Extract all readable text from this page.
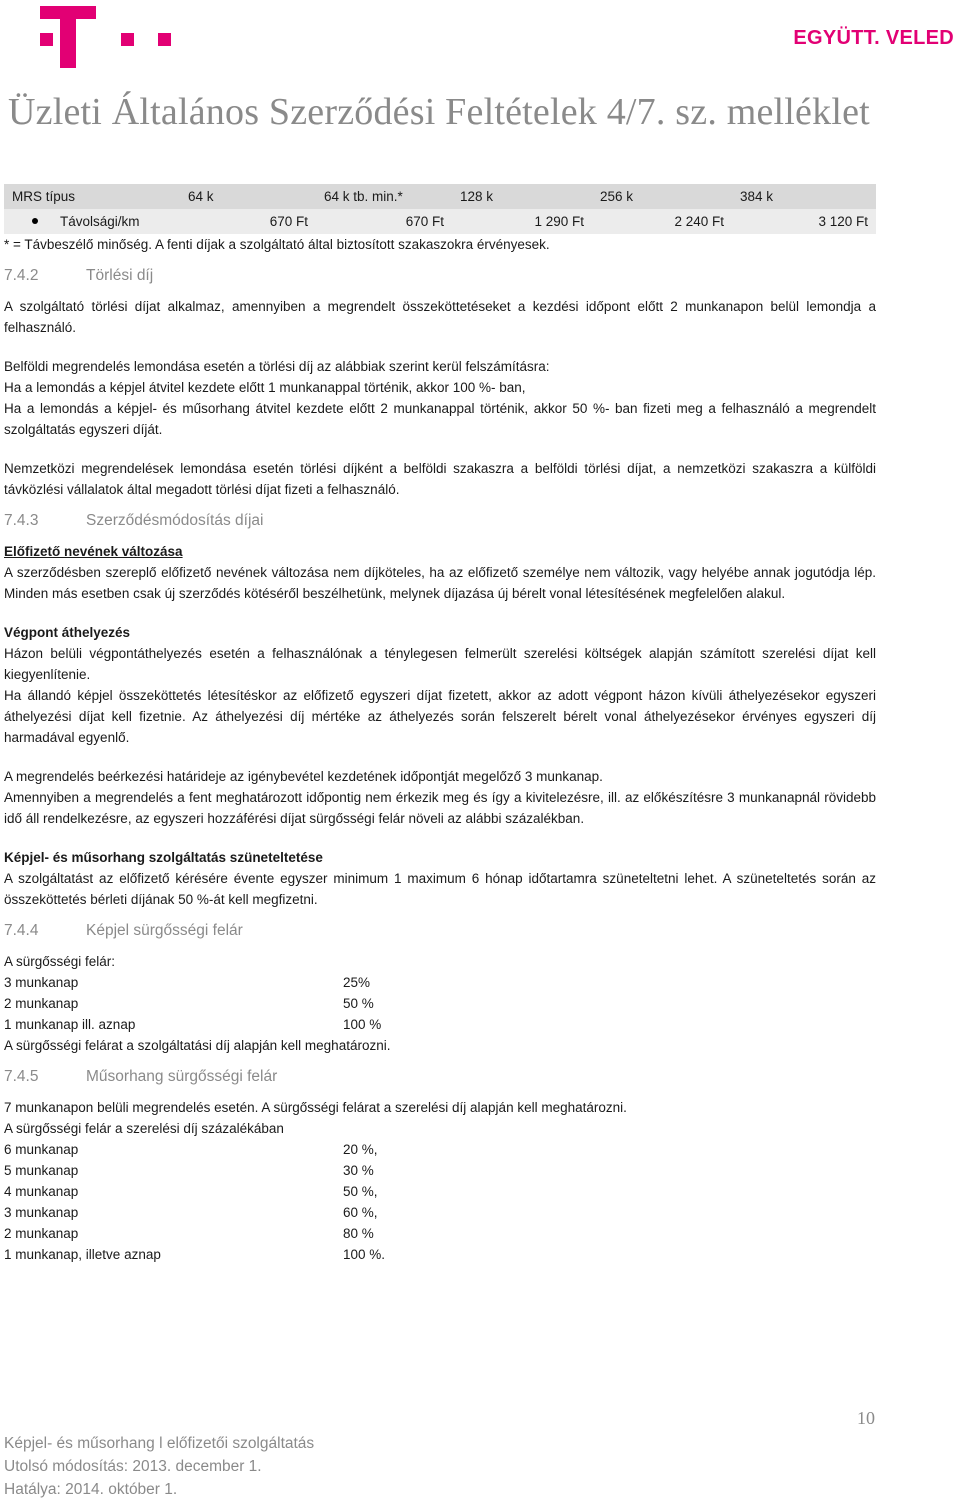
EGYÜTT. VELED
Üzleti Általános Szerződési Feltételek 4/7. sz. melléklet
MRS típus	64 k	64 k tb. min.*	128 k	256 k	384 k
Távolsági/km	670 Ft	670 Ft	1 290 Ft	2 240 Ft	3 120 Ft

* = Távbeszélő minőség. A fenti díjak a szolgáltató által biztosított szakaszokra érvényesek.

7.4.2	Törlési díj

A szolgáltató törlési díjat alkalmaz, amennyiben a megrendelt összeköttetéseket a kezdési időpont előtt 2 munkanapon belül lemondja a felhasználó.

Belföldi megrendelés lemondása esetén a törlési díj az alábbiak szerint kerül felszámításra:

Ha a lemondás a képjel átvitel kezdete előtt 1 munkanappal történik, akkor 100 %- ban,

Ha a lemondás a képjel- és műsorhang átvitel kezdete előtt 2 munkanappal történik, akkor 50 %- ban fizeti meg a felhasználó a megrendelt szolgáltatás egyszeri díját.

Nemzetközi megrendelések lemondása esetén törlési díjként a belföldi szakaszra a belföldi törlési díjat, a nemzetközi szakaszra a külföldi távközlési vállalatok által megadott törlési díjat fizeti a felhasználó.

7.4.3	Szerződésmódosítás díjai

Előfizető nevének változása

A szerződésben szereplő előfizető nevének változása nem díjköteles, ha az előfizető személye nem változik, vagy helyébe annak jogutódja lép. Minden más esetben csak új szerződés kötéséről beszélhetünk, melynek díjazása új bérelt vonal létesítésének megfelelően alakul.

Végpont áthelyezés

Házon belüli végpontáthelyezés esetén a felhasználónak a ténylegesen felmerült szerelési költségek alapján számított szerelési díjat kell kiegyenlítenie.

Ha állandó képjel összeköttetés létesítéskor az előfizető egyszeri díjat fizetett, akkor az adott végpont házon kívüli áthelyezésekor egyszeri áthelyezési díjat kell fizetnie. Az áthelyezési díj mértéke az áthelyezés során felszerelt bérelt vonal áthelyezésekor érvényes egyszeri díj harmadával egyenlő.

A megrendelés beérkezési határideje az igénybevétel kezdetének időpontját megelőző 3 munkanap.

Amennyiben a megrendelés a fent meghatározott időpontig nem érkezik meg és így a kivitelezésre, ill. az előkészítésre 3 munkanapnál rövidebb idő áll rendelkezésre, az egyszeri hozzáférési díjat sürgősségi felár növeli az alábbi százalékban.

Képjel- és műsorhang szolgáltatás szüneteltetése

A szolgáltatást az előfizető kérésére évente egyszer minimum 1 maximum 6 hónap időtartamra szüneteltetni lehet. A szüneteltetés során az összeköttetés bérleti díjának 50 %-át kell megfizetni.

7.4.4	Képjel sürgősségi felár

A sürgősségi felár:

3 munkanap	25%
2 munkanap	50 %
1 munkanap ill. aznap	100 %

A sürgősségi felárat a szolgáltatási díj alapján kell meghatározni.

7.4.5	Műsorhang sürgősségi felár

7 munkanapon belüli megrendelés esetén. A sürgősségi felárat a szerelési díj alapján kell meghatározni.

A sürgősségi felár a szerelési díj százalékában

6 munkanap	20 %,
5 munkanap	30 %
4 munkanap	50 %,
3 munkanap	60 %,
2 munkanap	80 %
1 munkanap, illetve aznap	100 %.
10
Képjel- és műsorhang l előfizetői szolgáltatás
Utolsó módosítás: 2013. december 1.
Hatálya: 2014. október 1.
